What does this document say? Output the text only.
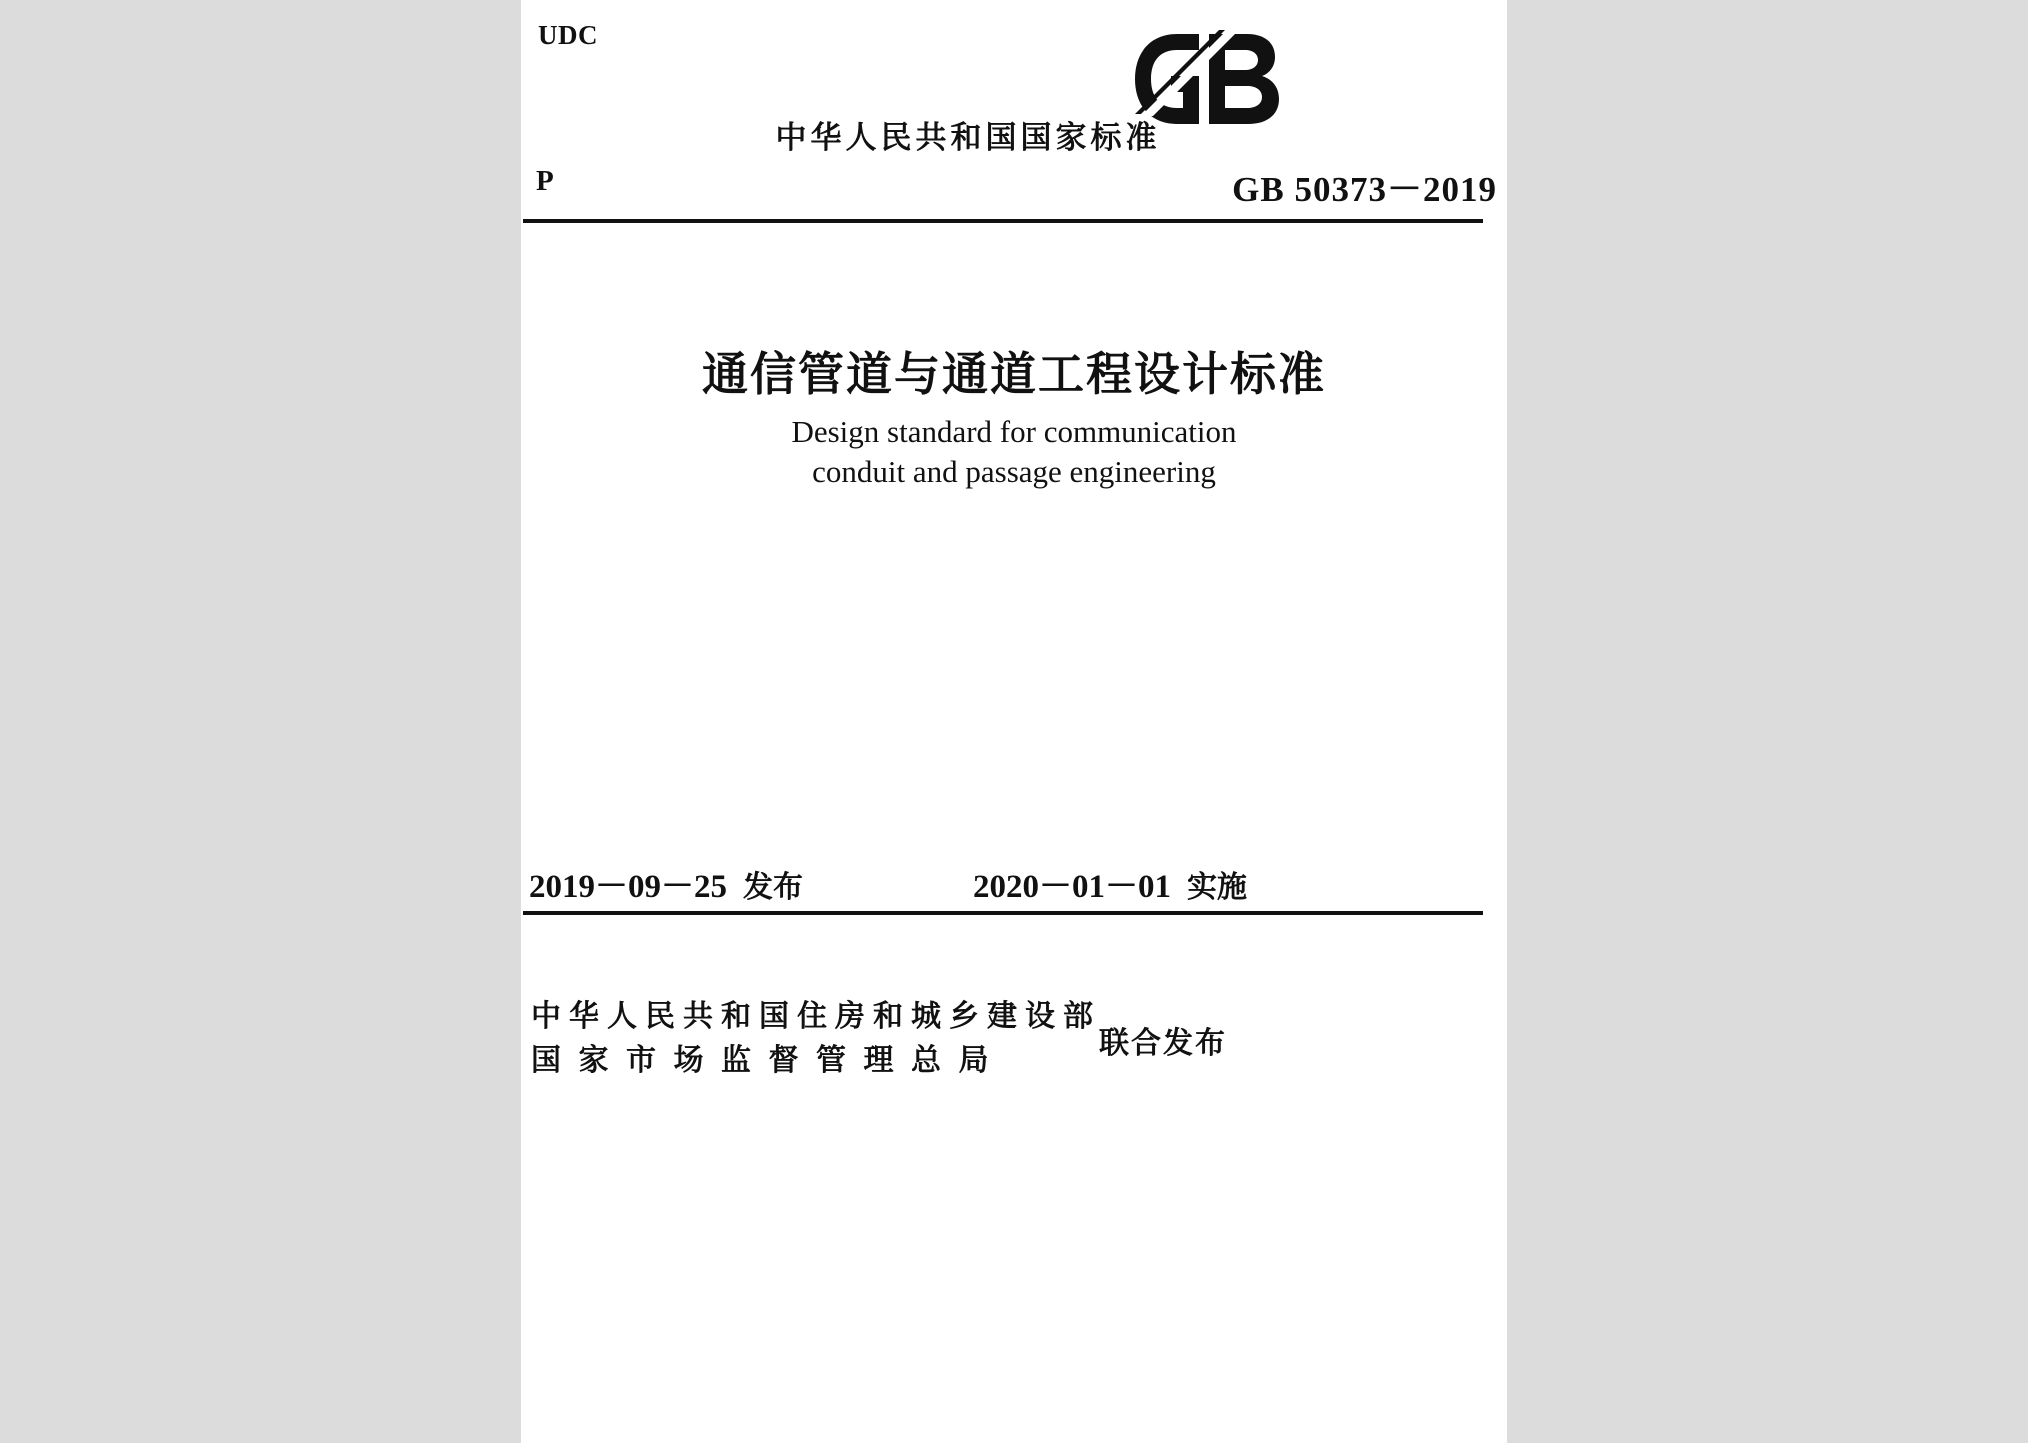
UDC
中华人民共和国国家标准
P	GB 50373－2019
通信管道与通道工程设计标准
Design standard for communication
conduit and passage engineering
2019－09－25 发布	2020－01－01 实施
中华人民共和国住房和城乡建设部
国家市场监督管理总局	联合发布
